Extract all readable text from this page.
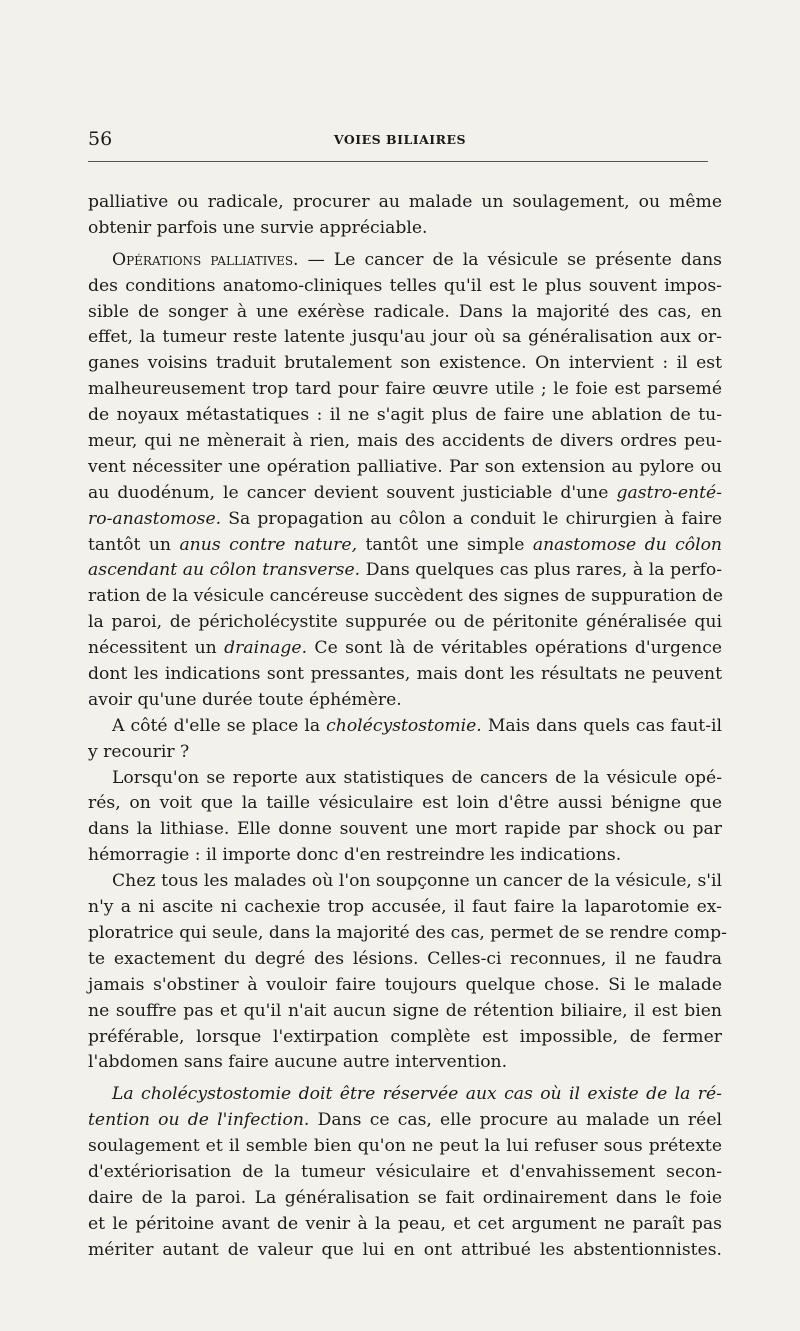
56	VOIES BILIAIRES
palliative ou radicale, procurer au malade un soulagement, ou même
obtenir parfois une survie appréciable.
Opérations palliatives. — Le cancer de la vésicule se présente dans
des conditions anatomo-cliniques telles qu'il est le plus souvent impos-
sible de songer à une exérèse radicale. Dans la majorité des cas, en
effet, la tumeur reste latente jusqu'au jour où sa généralisation aux or-
ganes voisins traduit brutalement son existence. On intervient : il est
malheureusement trop tard pour faire œuvre utile ; le foie est parsemé
de noyaux métastatiques : il ne s'agit plus de faire une ablation de tu-
meur, qui ne mènerait à rien, mais des accidents de divers ordres peu-
vent nécessiter une opération palliative. Par son extension au pylore ou
au duodénum, le cancer devient souvent justiciable d'une gastro-enté-
ro-anastomose. Sa propagation au côlon a conduit le chirurgien à faire
tantôt un anus contre nature, tantôt une simple anastomose du côlon
ascendant au côlon transverse. Dans quelques cas plus rares, à la perfo-
ration de la vésicule cancéreuse succèdent des signes de suppuration de
la paroi, de péricholécystite suppurée ou de péritonite généralisée qui
nécessitent un drainage. Ce sont là de véritables opérations d'urgence
dont les indications sont pressantes, mais dont les résultats ne peuvent
avoir qu'une durée toute éphémère.
A côté d'elle se place la cholécystostomie. Mais dans quels cas faut-il
y recourir ?
Lorsqu'on se reporte aux statistiques de cancers de la vésicule opé-
rés, on voit que la taille vésiculaire est loin d'être aussi bénigne que
dans la lithiase. Elle donne souvent une mort rapide par shock ou par
hémorragie : il importe donc d'en restreindre les indications.
Chez tous les malades où l'on soupçonne un cancer de la vésicule, s'il
n'y a ni ascite ni cachexie trop accusée, il faut faire la laparotomie ex-
ploratrice qui seule, dans la majorité des cas, permet de se rendre comp-
te exactement du degré des lésions. Celles-ci reconnues, il ne faudra
jamais s'obstiner à vouloir faire toujours quelque chose. Si le malade
ne souffre pas et qu'il n'ait aucun signe de rétention biliaire, il est bien
préférable, lorsque l'extirpation complète est impossible, de fermer
l'abdomen sans faire aucune autre intervention.
La cholécystostomie doit être réservée aux cas où il existe de la ré-
tention ou de l'infection. Dans ce cas, elle procure au malade un réel
soulagement et il semble bien qu'on ne peut la lui refuser sous prétexte
d'extériorisation de la tumeur vésiculaire et d'envahissement secon-
daire de la paroi. La généralisation se fait ordinairement dans le foie
et le péritoine avant de venir à la peau, et cet argument ne paraît pas
mériter autant de valeur que lui en ont attribué les abstentionnistes.
